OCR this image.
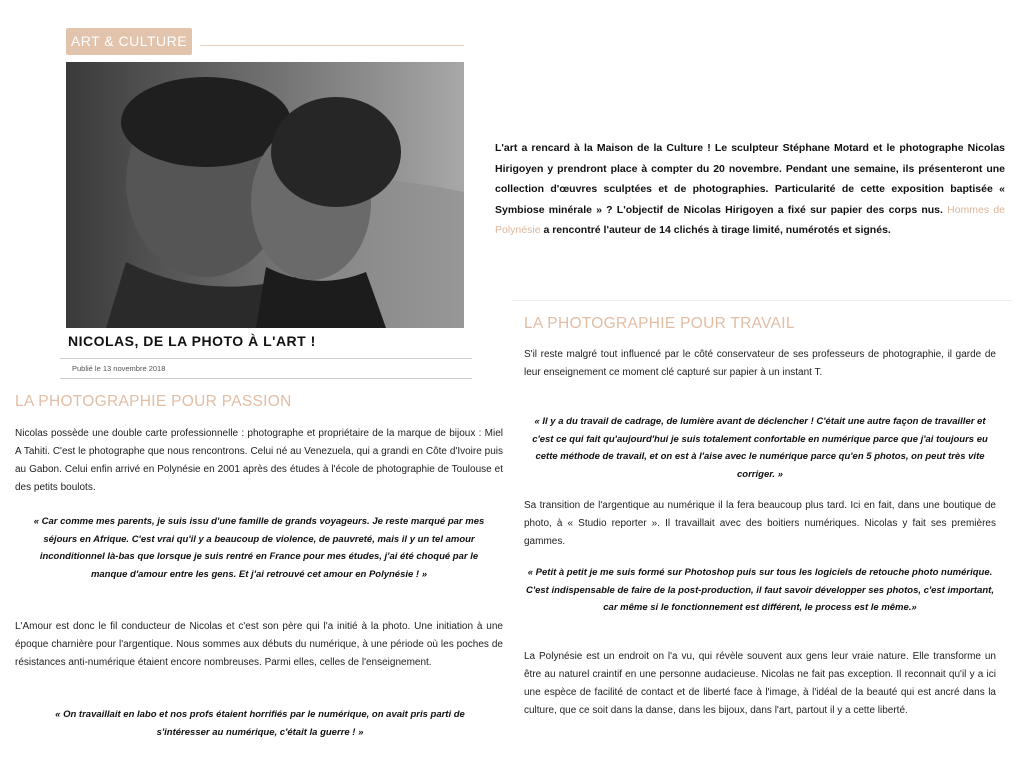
ART & CULTURE
NICOLAS, DE LA PHOTO À L'ART !
Publié le 13 novembre 2018
L'art a rencard à la Maison de la Culture ! Le sculpteur Stéphane Motard et le photographe Nicolas Hirigoyen y prendront place à compter du 20 novembre. Pendant une semaine, ils présenteront une collection d'œuvres sculptées et de photographies. Particularité de cette exposition baptisée « Symbiose minérale » ? L'objectif de Nicolas Hirigoyen a fixé sur papier des corps nus. Hommes de Polynésie a rencontré l'auteur de 14 clichés à tirage limité, numérotés et signés.
LA PHOTOGRAPHIE POUR PASSION
Nicolas possède une double carte professionnelle : photographe et propriétaire de la marque de bijoux : Miel A Tahiti. C'est le photographe que nous rencontrons. Celui né au Venezuela, qui a grandi en Côte d'Ivoire puis au Gabon. Celui enfin arrivé en Polynésie en 2001 après des études à l'école de photographie de Toulouse et des petits boulots.
« Car comme mes parents, je suis issu d'une famille de grands voyageurs. Je reste marqué par mes séjours en Afrique. C'est vrai qu'il y a beaucoup de violence, de pauvreté, mais il y un tel amour inconditionnel là-bas que lorsque je suis rentré en France pour mes études, j'ai été choqué par le manque d'amour entre les gens. Et j'ai retrouvé cet amour en Polynésie ! »
L'Amour est donc le fil conducteur de Nicolas et c'est son père qui l'a initié à la photo. Une initiation à une époque charnière pour l'argentique. Nous sommes aux débuts du numérique, à une période où les poches de résistances anti-numérique étaient encore nombreuses. Parmi elles, celles de l'enseignement.
« On travaillait en labo et nos profs étaient horrifiés par le numérique, on avait pris parti de s'intéresser au numérique, c'était la guerre ! »
LA PHOTOGRAPHIE POUR TRAVAIL
S'il reste malgré tout influencé par le côté conservateur de ses professeurs de photographie, il garde de leur enseignement ce moment clé capturé sur papier à un instant T.
« Il y a du travail de cadrage, de lumière avant de déclencher ! C'était une autre façon de travailler et c'est ce qui fait qu'aujourd'hui je suis totalement confortable en numérique parce que j'ai toujours eu cette méthode de travail, et on est à l'aise avec le numérique parce qu'en 5 photos, on peut très vite corriger. »
Sa transition de l'argentique au numérique il la fera beaucoup plus tard. Ici en fait, dans une boutique de photo, à « Studio reporter ». Il travaillait avec des boitiers numériques. Nicolas y fait ses premières gammes.
« Petit à petit je me suis formé sur Photoshop puis sur tous les logiciels de retouche photo numérique. C'est indispensable de faire de la post-production, il faut savoir développer ses photos, c'est important, car même si le fonctionnement est différent, le process est le même.»
La Polynésie est un endroit on l'a vu, qui révèle souvent aux gens leur vraie nature. Elle transforme un être au naturel craintif en une personne audacieuse. Nicolas ne fait pas exception. Il reconnait qu'il y a ici une espèce de facilité de contact et de liberté face à l'image, à l'idéal de la beauté qui est ancré dans la culture, que ce soit dans la danse, dans les bijoux, dans l'art, partout il y a cette liberté.
